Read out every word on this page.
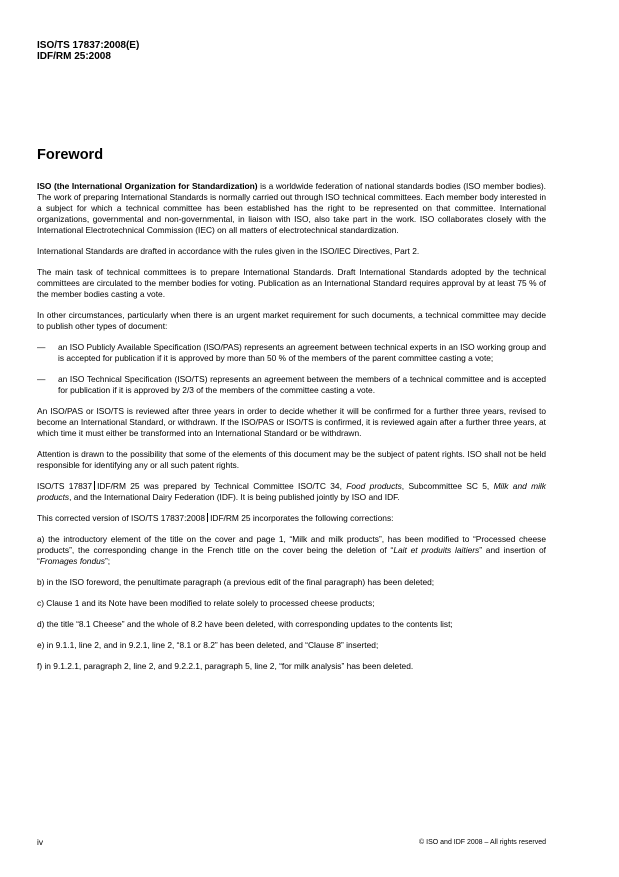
ISO/TS 17837:2008(E)
IDF/RM 25:2008
Foreword

ISO (the International Organization for Standardization) is a worldwide federation of national standards bodies (ISO member bodies). The work of preparing International Standards is normally carried out through ISO technical committees. Each member body interested in a subject for which a technical committee has been established has the right to be represented on that committee. International organizations, governmental and non-governmental, in liaison with ISO, also take part in the work. ISO collaborates closely with the International Electrotechnical Commission (IEC) on all matters of electrotechnical standardization.

International Standards are drafted in accordance with the rules given in the ISO/IEC Directives, Part 2.

The main task of technical committees is to prepare International Standards. Draft International Standards adopted by the technical committees are circulated to the member bodies for voting. Publication as an International Standard requires approval by at least 75 % of the member bodies casting a vote.

In other circumstances, particularly when there is an urgent market requirement for such documents, a technical committee may decide to publish other types of document:

— an ISO Publicly Available Specification (ISO/PAS) represents an agreement between technical experts in an ISO working group and is accepted for publication if it is approved by more than 50 % of the members of the parent committee casting a vote;
— an ISO Technical Specification (ISO/TS) represents an agreement between the members of a technical committee and is accepted for publication if it is approved by 2/3 of the members of the committee casting a vote.

An ISO/PAS or ISO/TS is reviewed after three years in order to decide whether it will be confirmed for a further three years, revised to become an International Standard, or withdrawn. If the ISO/PAS or ISO/TS is confirmed, it is reviewed again after a further three years, at which time it must either be transformed into an International Standard or be withdrawn.

Attention is drawn to the possibility that some of the elements of this document may be the subject of patent rights. ISO shall not be held responsible for identifying any or all such patent rights.

ISO/TS 17837 IDF/RM 25 was prepared by Technical Committee ISO/TC 34, Food products, Subcommittee SC 5, Milk and milk products, and the International Dairy Federation (IDF). It is being published jointly by ISO and IDF.

This corrected version of ISO/TS 17837:2008 IDF/RM 25 incorporates the following corrections:

a) the introductory element of the title on the cover and page 1, “Milk and milk products”, has been modified to “Processed cheese products”, the corresponding change in the French title on the cover being the deletion of “Lait et produits laitiers” and insertion of “Fromages fondus”;

b) in the ISO foreword, the penultimate paragraph (a previous edit of the final paragraph) has been deleted;

c) Clause 1 and its Note have been modified to relate solely to processed cheese products;

d) the title “8.1 Cheese” and the whole of 8.2 have been deleted, with corresponding updates to the contents list;

e) in 9.1.1, line 2, and in 9.2.1, line 2, “8.1 or 8.2” has been deleted, and “Clause 8” inserted;

f) in 9.1.2.1, paragraph 2, line 2, and 9.2.2.1, paragraph 5, line 2, “for milk analysis” has been deleted.

iv	© ISO and IDF 2008 – All rights reserved
